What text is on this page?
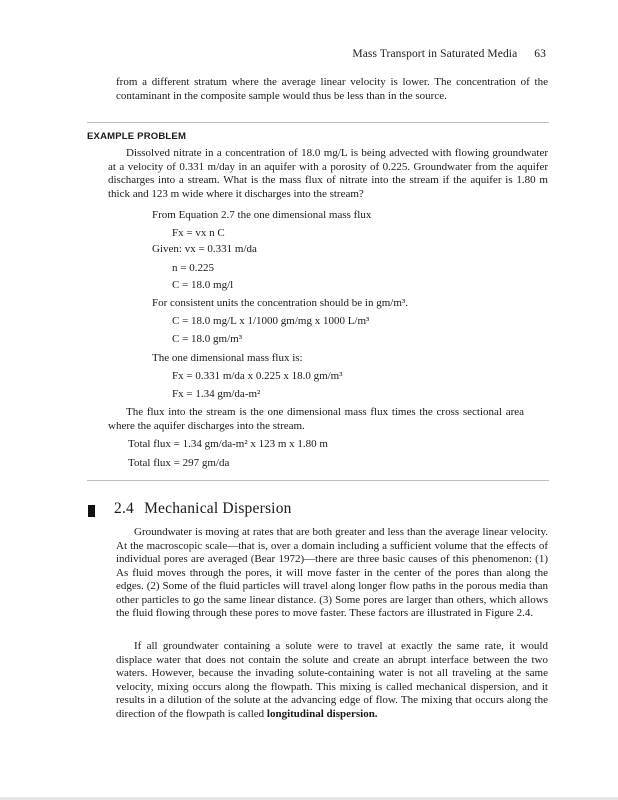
Mass Transport in Saturated Media 63
from a different stratum where the average linear velocity is lower. The concentration of the contaminant in the composite sample would thus be less than in the source.
EXAMPLE PROBLEM
Dissolved nitrate in a concentration of 18.0 mg/L is being advected with flowing groundwater at a velocity of 0.331 m/day in an aquifer with a porosity of 0.225. Groundwater from the aquifer discharges into a stream. What is the mass flux of nitrate into the stream if the aquifer is 1.80 m thick and 123 m wide where it discharges into the stream?
From Equation 2.7 the one dimensional mass flux
Fx = vx n C
Given: vx = 0.331 m/da
n = 0.225
C = 18.0 mg/l
For consistent units the concentration should be in gm/m³.
C = 18.0 mg/L x 1/1000 gm/mg x 1000 L/m³
C = 18.0 gm/m³
The one dimensional mass flux is:
Fx = 0.331 m/da x 0.225 x 18.0 gm/m³
Fx = 1.34 gm/da-m²
The flux into the stream is the one dimensional mass flux times the cross sectional area where the aquifer discharges into the stream.
Total flux = 1.34 gm/da-m² x 123 m x 1.80 m
Total flux = 297 gm/da
2.4 Mechanical Dispersion
Groundwater is moving at rates that are both greater and less than the average linear velocity. At the macroscopic scale—that is, over a domain including a sufficient volume that the effects of individual pores are averaged (Bear 1972)—there are three basic causes of this phenomenon: (1) As fluid moves through the pores, it will move faster in the center of the pores than along the edges. (2) Some of the fluid particles will travel along longer flow paths in the porous media than other particles to go the same linear distance. (3) Some pores are larger than others, which allows the fluid flowing through these pores to move faster. These factors are illustrated in Figure 2.4.
If all groundwater containing a solute were to travel at exactly the same rate, it would displace water that does not contain the solute and create an abrupt interface between the two waters. However, because the invading solute-containing water is not all traveling at the same velocity, mixing occurs along the flowpath. This mixing is called mechanical dispersion, and it results in a dilution of the solute at the advancing edge of flow. The mixing that occurs along the direction of the flowpath is called longitudinal dispersion.
